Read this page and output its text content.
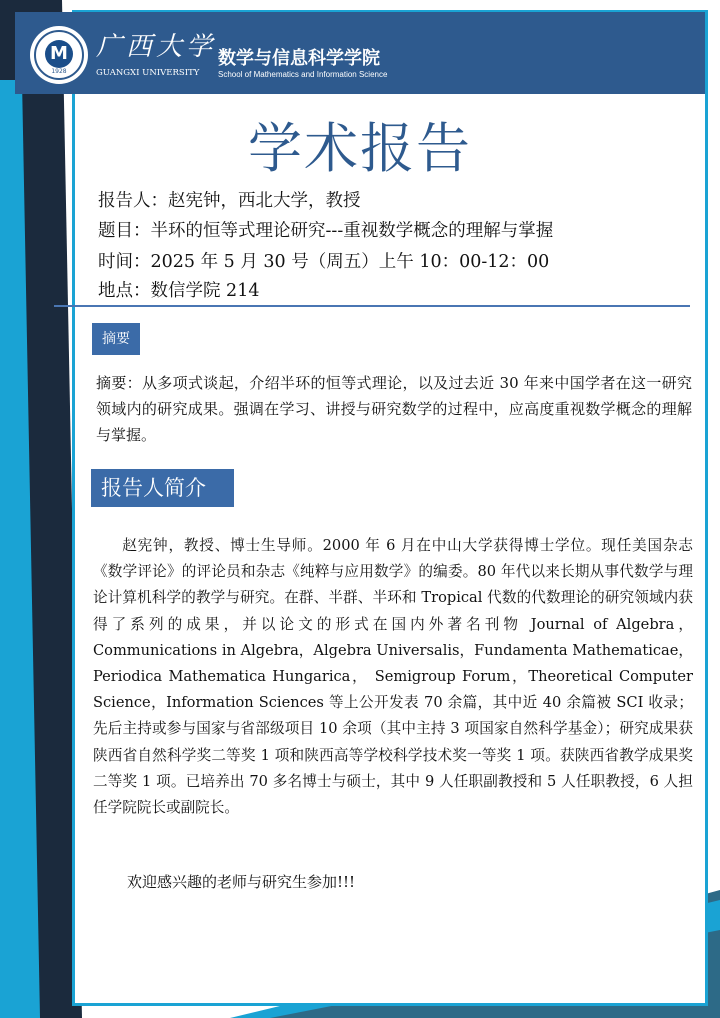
M
1928
广西大学
GUANGXI UNIVERSITY
数学与信息科学学院
School of Mathematics and Information Science
学术报告
报告人：赵宪钟，西北大学，教授
题目：半环的恒等式理论研究---重视数学概念的理解与掌握
时间：2025 年 5 月 30 号（周五）上午 10：00-12：00
地点：数信学院 214
摘要
摘要：从多项式谈起，介绍半环的恒等式理论，以及过去近 30 年来中国学者在这一研究领域内的研究成果。强调在学习、讲授与研究数学的过程中，应高度重视数学概念的理解与掌握。
报告人简介
赵宪钟，教授、博士生导师。2000 年 6 月在中山大学获得博士学位。现任美国杂志《数学评论》的评论员和杂志《纯粹与应用数学》的编委。80 年代以来长期从事代数学与理论计算机科学的教学与研究。在群、半群、半环和 Tropical 代数的代数理论的研究领域内获得了系列的成果，并以论文的形式在国内外著名刊物 Journal of Algebra，Communications in Algebra，Algebra Universalis，Fundamenta Mathematicae， Periodica Mathematica Hungarica， Semigroup Forum，Theoretical Computer Science，Information Sciences 等上公开发表 70 余篇，其中近 40 余篇被 SCI 收录；先后主持或参与国家与省部级项目 10 余项（其中主持 3 项国家自然科学基金）；研究成果获陕西省自然科学奖二等奖 1 项和陕西高等学校科学技术奖一等奖 1 项。获陕西省教学成果奖二等奖 1 项。已培养出 70 多名博士与硕士，其中 9 人任职副教授和 5 人任职教授，6 人担任学院院长或副院长。
欢迎感兴趣的老师与研究生参加!!!
